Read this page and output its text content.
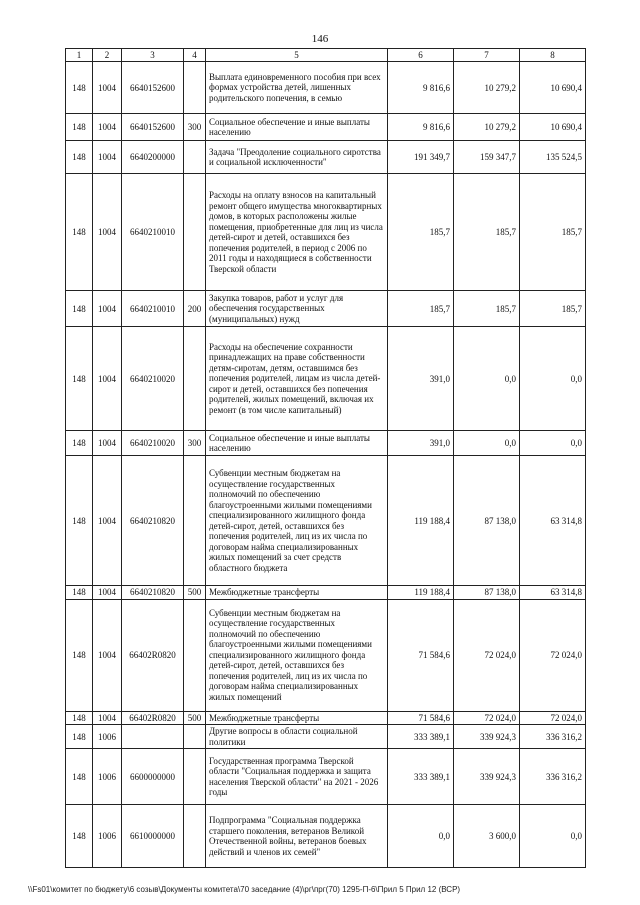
146
1	2	3	4	5	6	7	8
148	1004	6640152600		Выплата единовременного пособия при всех формах устройства детей, лишенных родительского попечения, в семью	9 816,6	10 279,2	10 690,4
148	1004	6640152600	300	Социальное обеспечение и иные выплаты населению	9 816,6	10 279,2	10 690,4
148	1004	6640200000		Задача "Преодоление социального сиротства и социальной исключенности"	191 349,7	159 347,7	135 524,5
148	1004	6640210010		Расходы на оплату взносов на капитальный ремонт общего имущества многоквартирных домов, в которых расположены жилые помещения, приобретенные для лиц из числа детей-сирот и детей, оставшихся без попечения родителей, в период с 2006 по 2011 годы и находящиеся в собственности Тверской области	185,7	185,7	185,7
148	1004	6640210010	200	Закупка товаров, работ и услуг для обеспечения государственных (муниципальных) нужд	185,7	185,7	185,7
148	1004	6640210020		Расходы на обеспечение сохранности принадлежащих на праве собственности детям-сиротам, детям, оставшимся без попечения родителей, лицам из числа детей-сирот и детей, оставшихся без попечения родителей, жилых помещений, включая их ремонт (в том числе капитальный)	391,0	0,0	0,0
148	1004	6640210020	300	Социальное обеспечение и иные выплаты населению	391,0	0,0	0,0
148	1004	6640210820		Субвенции местным бюджетам на осуществление государственных полномочий по обеспечению благоустроенными жилыми помещениями специализированного жилищного фонда детей-сирот, детей, оставшихся без попечения родителей, лиц из их числа по договорам найма специализированных жилых помещений за счет средств областного бюджета	119 188,4	87 138,0	63 314,8
148	1004	6640210820	500	Межбюджетные трансферты	119 188,4	87 138,0	63 314,8
148	1004	66402R0820		Субвенции местным бюджетам на осуществление государственных полномочий по обеспечению благоустроенными жилыми помещениями специализированного жилищного фонда детей-сирот, детей, оставшихся без попечения родителей, лиц из их числа по договорам найма специализированных жилых помещений	71 584,6	72 024,0	72 024,0
148	1004	66402R0820	500	Межбюджетные трансферты	71 584,6	72 024,0	72 024,0
148	1006			Другие вопросы в области социальной политики	333 389,1	339 924,3	336 316,2
148	1006	6600000000		Государственная программа Тверской области "Социальная поддержка и защита населения Тверской области" на 2021 - 2026 годы	333 389,1	339 924,3	336 316,2
148	1006	6610000000		Подпрограмма "Социальная поддержка старшего поколения, ветеранов Великой Отечественной войны, ветеранов боевых действий и членов их семей"	0,0	3 600,0	0,0
\\Fs01\комитет по бюджету\6 созыв\Документы комитета\70 заседание (4)\рг\прг(70) 1295-П-6\Прил 5 Прил 12 (ВСР)
